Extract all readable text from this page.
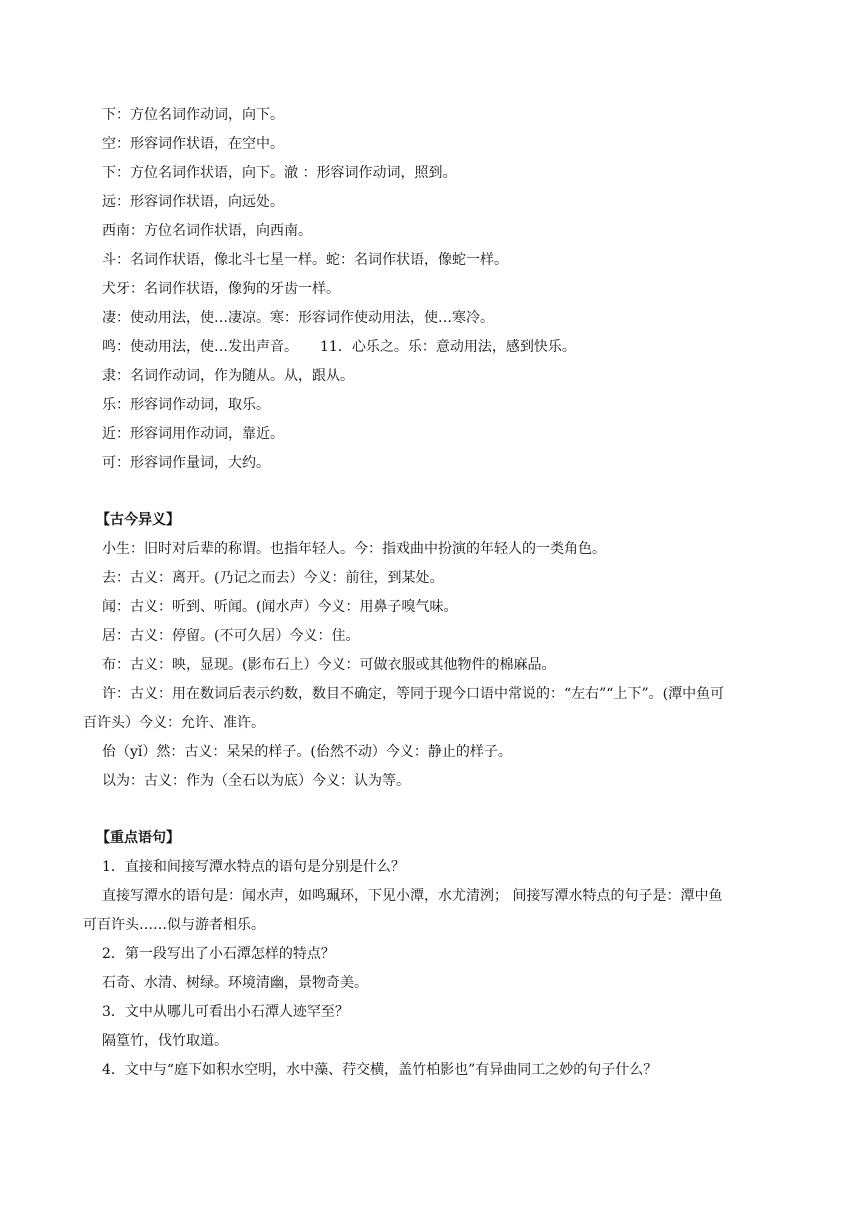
下：方位名词作动词，向下。
空：形容词作状语，在空中。
下：方位名词作状语，向下。澈 ：形容词作动词，照到。
远：形容词作状语，向远处。
西南：方位名词作状语，向西南。
斗：名词作状语，像北斗七星一样。蛇：名词作状语，像蛇一样。
犬牙：名词作状语，像狗的牙齿一样。
凄：使动用法，使…凄凉。寒：形容词作使动用法，使…寒冷。
鸣：使动用法，使…发出声音。 11．心乐之。乐：意动用法，感到快乐。
隶：名词作动词，作为随从。从，跟从。
乐：形容词作动词，取乐。
近：形容词用作动词，靠近。
可：形容词作量词，大约。
【古今异义】
小生：旧时对后辈的称谓。也指年轻人。今：指戏曲中扮演的年轻人的一类角色。
去：古义：离开。(乃记之而去）今义：前往，到某处。
闻：古义：听到、听闻。(闻水声）今义：用鼻子嗅气味。
居：古义：停留。(不可久居）今义：住。
布：古义：映，显现。(影布石上）今义：可做衣服或其他物件的棉麻品。
许：古义：用在数词后表示约数，数目不确定，等同于现今口语中常说的：“左右”“上下”。(潭中鱼可
百许头）今义：允许、准许。
佁（yǐ）然：古义：呆呆的样子。(佁然不动）今义：静止的样子。
以为：古义：作为（全石以为底）今义：认为等。
【重点语句】
1．直接和间接写潭水特点的语句是分别是什么？
直接写潭水的语句是：闻水声，如鸣珮环，下见小潭，水尤清洌； 间接写潭水特点的句子是：潭中鱼
可百许头……似与游者相乐。
2．第一段写出了小石潭怎样的特点？
石奇、水清、树绿。环境清幽，景物奇美。
3．文中从哪儿可看出小石潭人迹罕至？
隔篁竹，伐竹取道。
4．文中与“庭下如积水空明，水中藻、荇交横，盖竹柏影也”有异曲同工之妙的句子什么？
